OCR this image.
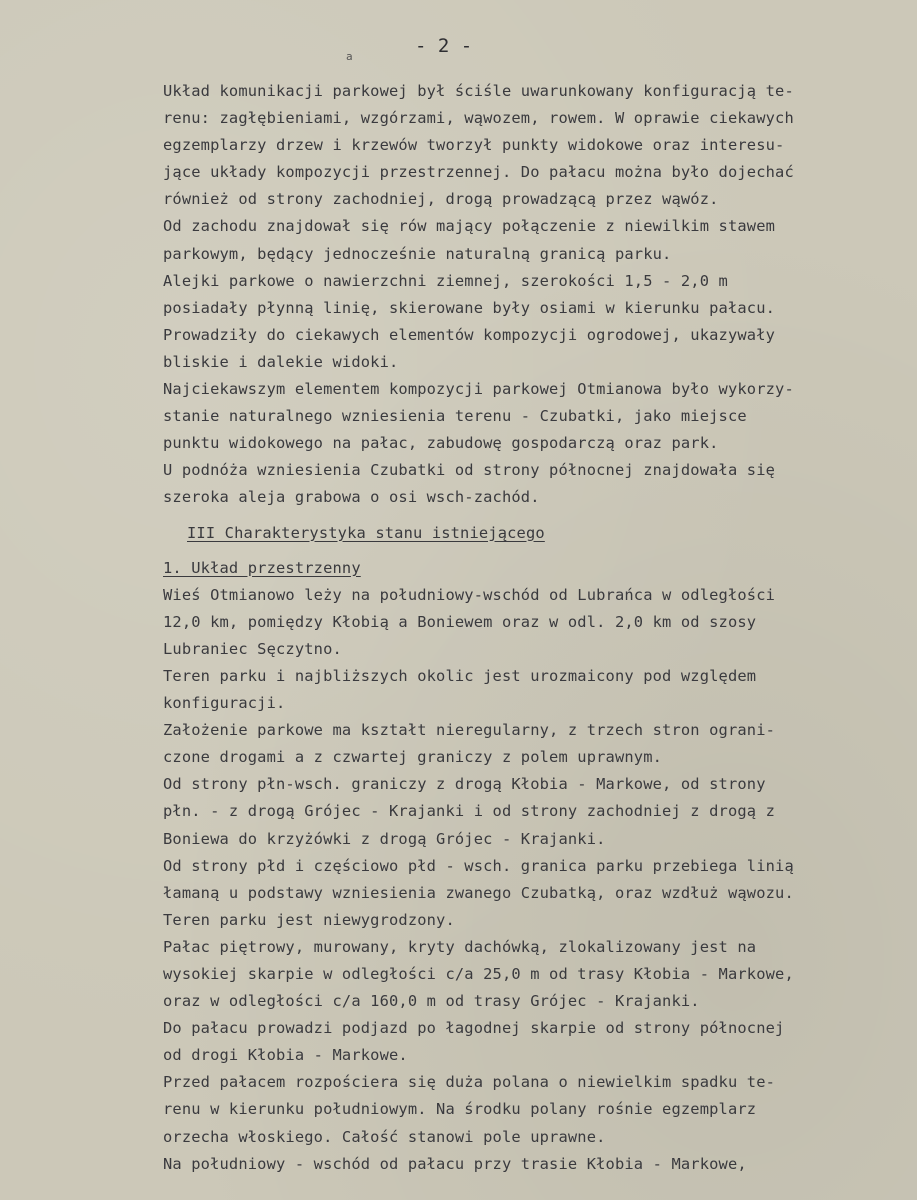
a	- 2 -
Układ komunikacji parkowej był ściśle uwarunkowany konfiguracją te-
renu: zagłębieniami, wzgórzami, wąwozem, rowem. W oprawie ciekawych
egzemplarzy drzew i krzewów tworzył punkty widokowe oraz interesu-
jące układy kompozycji przestrzennej. Do pałacu można było dojechać
również od strony zachodniej, drogą prowadzącą przez wąwóz.
Od zachodu znajdował się rów mający połączenie z niewilkim stawem
parkowym, będący jednocześnie naturalną granicą parku.
Alejki parkowe o nawierzchni ziemnej, szerokości 1,5 - 2,0 m
posiadały płynną linię, skierowane były osiami w kierunku pałacu.
Prowadziły do ciekawych elementów kompozycji ogrodowej, ukazywały
bliskie i dalekie widoki.
Najciekawszym elementem kompozycji parkowej Otmianowa było wykorzy-
stanie naturalnego wzniesienia terenu - Czubatki, jako miejsce
punktu widokowego na pałac, zabudowę gospodarczą oraz park.
U podnóża wzniesienia Czubatki od strony północnej znajdowała się
szeroka aleja grabowa o osi wsch-zachód.
III Charakterystyka stanu istniejącego
1. Układ przestrzenny
Wieś Otmianowo leży na południowy-wschód od Lubrańca w odległości
12,0 km, pomiędzy Kłobią a Boniewem oraz w odl. 2,0 km od szosy
Lubraniec Sęczytno.
Teren parku i najbliższych okolic jest urozmaicony pod względem
konfiguracji.
Założenie parkowe ma kształt nieregularny, z trzech stron ograni-
czone drogami a z czwartej graniczy z polem uprawnym.
Od strony płn-wsch. graniczy z drogą Kłobia - Markowe, od strony
płn. - z drogą Grójec - Krajanki i od strony zachodniej z drogą z
Boniewa do krzyżówki z drogą Grójec - Krajanki.
Od strony płd i częściowo płd - wsch. granica parku przebiega linią
łamaną u podstawy wzniesienia zwanego Czubatką, oraz wzdłuż wąwozu.
Teren parku jest niewygrodzony.
Pałac piętrowy, murowany, kryty dachówką, zlokalizowany jest na
wysokiej skarpie w odległości c/a 25,0 m od trasy Kłobia - Markowe,
oraz w odległości c/a 160,0 m od trasy Grójec - Krajanki.
Do pałacu prowadzi podjazd po łagodnej skarpie od strony północnej
od drogi Kłobia - Markowe.
Przed pałacem rozpościera się duża polana o niewielkim spadku te-
renu w kierunku południowym. Na środku polany rośnie egzemplarz
orzecha włoskiego. Całość stanowi pole uprawne.
Na południowy - wschód od pałacu przy trasie Kłobia - Markowe,
